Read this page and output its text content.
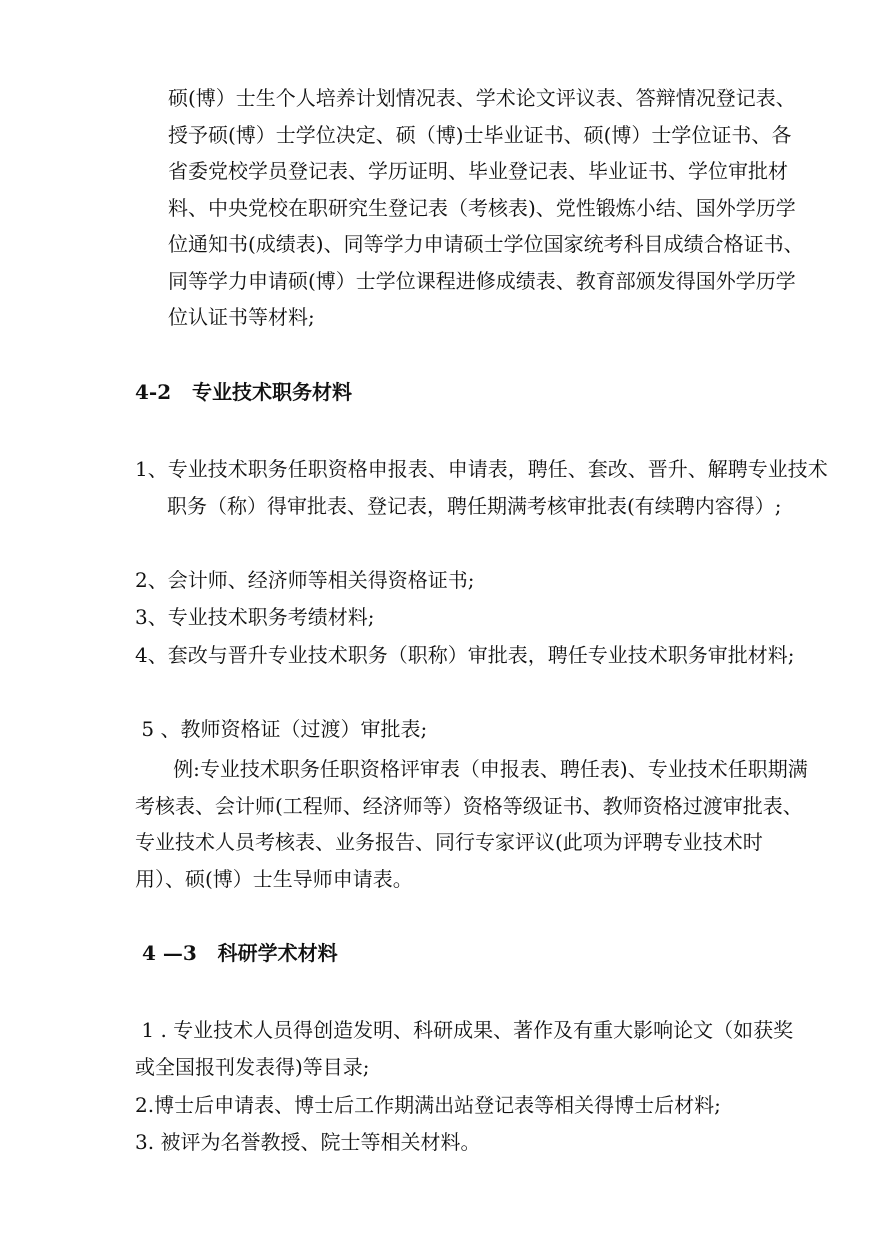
硕(博）士生个人培养计划情况表、学术论文评议表、答辩情况登记表、授予硕(博）士学位决定、硕（博)士毕业证书、硕(博）士学位证书、各省委党校学员登记表、学历证明、毕业登记表、毕业证书、学位审批材料、中央党校在职研究生登记表（考核表)、党性锻炼小结、国外学历学位通知书(成绩表)、同等学力申请硕士学位国家统考科目成绩合格证书、同等学力申请硕(博）士学位课程进修成绩表、教育部颁发得国外学历学位认证书等材料;

4-2   专业技术职务材料

1、专业技术职务任职资格申报表、申请表，聘任、套改、晋升、解聘专业技术职务（称）得审批表、登记表，聘任期满考核审批表(有续聘内容得）;

2、会计师、经济师等相关得资格证书;

3、专业技术职务考绩材料;

4、套改与晋升专业技术职务（职称）审批表，聘任专业技术职务审批材料;

5 、教师资格证（过渡）审批表;

例:专业技术职务任职资格评审表（申报表、聘任表)、专业技术任职期满考核表、会计师(工程师、经济师等）资格等级证书、教师资格过渡审批表、专业技术人员考核表、业务报告、同行专家评议(此项为评聘专业技术时用）、硕(博）士生导师申请表。

4 —3   科研学术材料

1 . 专业技术人员得创造发明、科研成果、著作及有重大影响论文（如获奖或全国报刊发表得)等目录;

2.博士后申请表、博士后工作期满出站登记表等相关得博士后材料;

3. 被评为名誉教授、院士等相关材料。
